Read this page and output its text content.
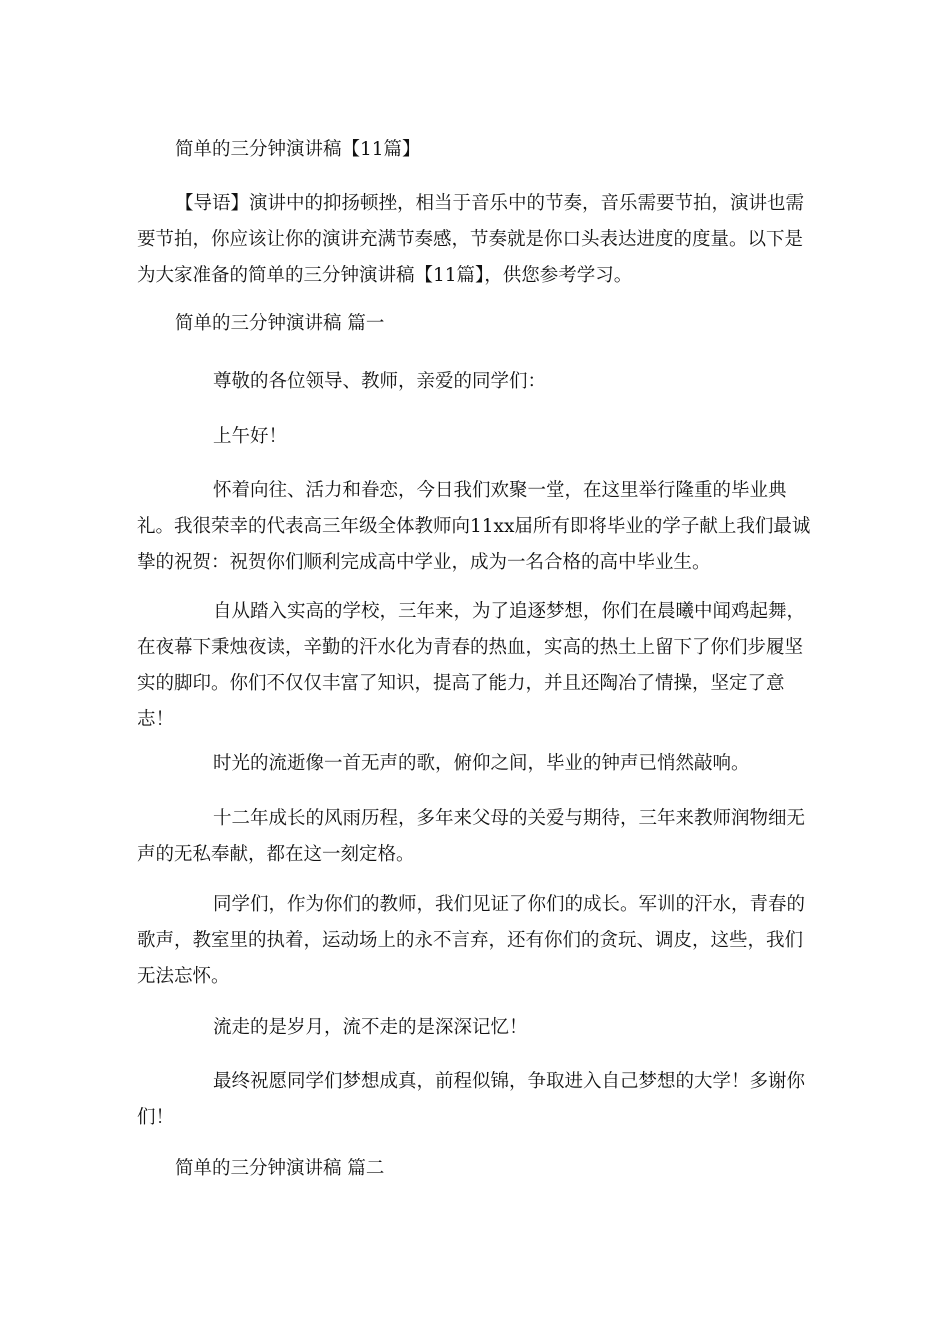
简单的三分钟演讲稿【11篇】

【导语】演讲中的抑扬顿挫，相当于音乐中的节奏，音乐需要节拍，演讲也需要节拍，你应该让你的演讲充满节奏感，节奏就是你口头表达进度的度量。以下是为大家准备的简单的三分钟演讲稿【11篇】，供您参考学习。

简单的三分钟演讲稿 篇一

尊敬的各位领导、教师，亲爱的同学们：

上午好！

怀着向往、活力和眷恋，今日我们欢聚一堂，在这里举行隆重的毕业典礼。我很荣幸的代表高三年级全体教师向11xx届所有即将毕业的学子献上我们最诚挚的祝贺：祝贺你们顺利完成高中学业，成为一名合格的高中毕业生。

自从踏入实高的学校，三年来，为了追逐梦想，你们在晨曦中闻鸡起舞，在夜幕下秉烛夜读，辛勤的汗水化为青春的热血，实高的热土上留下了你们步履坚实的脚印。你们不仅仅丰富了知识，提高了能力，并且还陶冶了情操，坚定了意志！

时光的流逝像一首无声的歌，俯仰之间，毕业的钟声已悄然敲响。

十二年成长的风雨历程，多年来父母的关爱与期待，三年来教师润物细无声的无私奉献，都在这一刻定格。

同学们，作为你们的教师，我们见证了你们的成长。军训的汗水，青春的歌声，教室里的执着，运动场上的永不言弃，还有你们的贪玩、调皮，这些，我们无法忘怀。

流走的是岁月，流不走的是深深记忆！

最终祝愿同学们梦想成真，前程似锦，争取进入自己梦想的大学！多谢你们！

简单的三分钟演讲稿 篇二
